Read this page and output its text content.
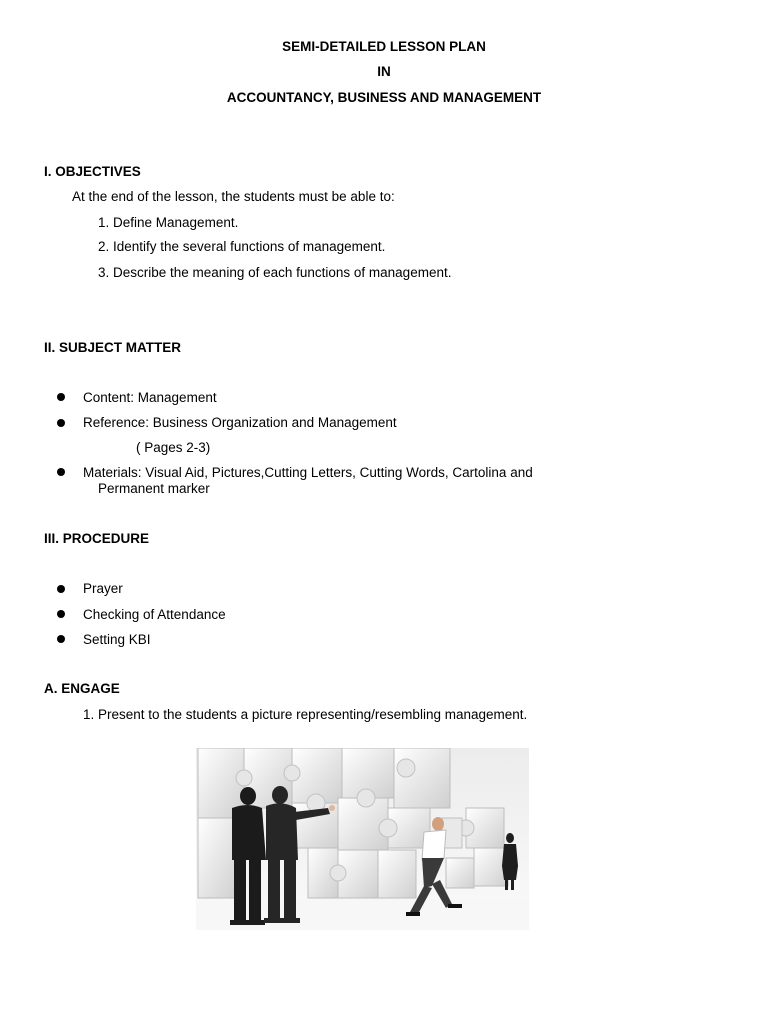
SEMI-DETAILED LESSON PLAN
IN
ACCOUNTANCY, BUSINESS AND MANAGEMENT
I. OBJECTIVES
At the end of the lesson, the students must be able to:
1. Define Management.
2. Identify the several functions of management.
3. Describe the meaning of each functions of management.
II. SUBJECT MATTER
Content: Management
Reference: Business Organization and Management
( Pages 2-3)
Materials: Visual Aid, Pictures,Cutting Letters, Cutting Words, Cartolina and
Permanent marker
III. PROCEDURE
Prayer
Checking of Attendance
Setting KBI
A. ENGAGE
1. Present to the students a picture representing/resembling management.
